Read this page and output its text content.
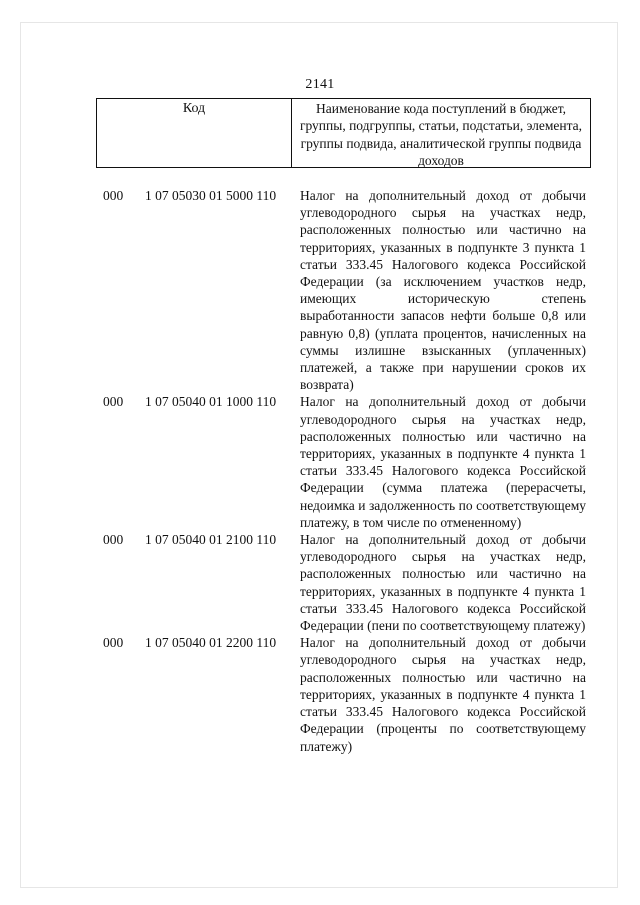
2141
Код	Наименование кода поступлений в бюджет, группы, подгруппы, статьи, подстатьи, элемента, группы подвида, аналитической группы подвида доходов
000 1 07 05030 01 5000 110 Налог на дополнительный доход от добычи углеводородного сырья на участках недр, расположенных полностью или частично на территориях, указанных в подпункте 3 пункта 1 статьи 333.45 Налогового кодекса Российской Федерации (за исключением участков недр, имеющих историческую степень выработанности запасов нефти больше 0,8 или равную 0,8) (уплата процентов, начисленных на суммы излишне взысканных (уплаченных) платежей, а также при нарушении сроков их возврата)
000 1 07 05040 01 1000 110 Налог на дополнительный доход от добычи углеводородного сырья на участках недр, расположенных полностью или частично на территориях, указанных в подпункте 4 пункта 1 статьи 333.45 Налогового кодекса Российской Федерации (сумма платежа (перерасчеты, недоимка и задолженность по соответствующему платежу, в том числе по отмененному)
000 1 07 05040 01 2100 110 Налог на дополнительный доход от добычи углеводородного сырья на участках недр, расположенных полностью или частично на территориях, указанных в подпункте 4 пункта 1 статьи 333.45 Налогового кодекса Российской Федерации (пени по соответствующему платежу)
000 1 07 05040 01 2200 110 Налог на дополнительный доход от добычи углеводородного сырья на участках недр, расположенных полностью или частично на территориях, указанных в подпункте 4 пункта 1 статьи 333.45 Налогового кодекса Российской Федерации (проценты по соответствующему платежу)
